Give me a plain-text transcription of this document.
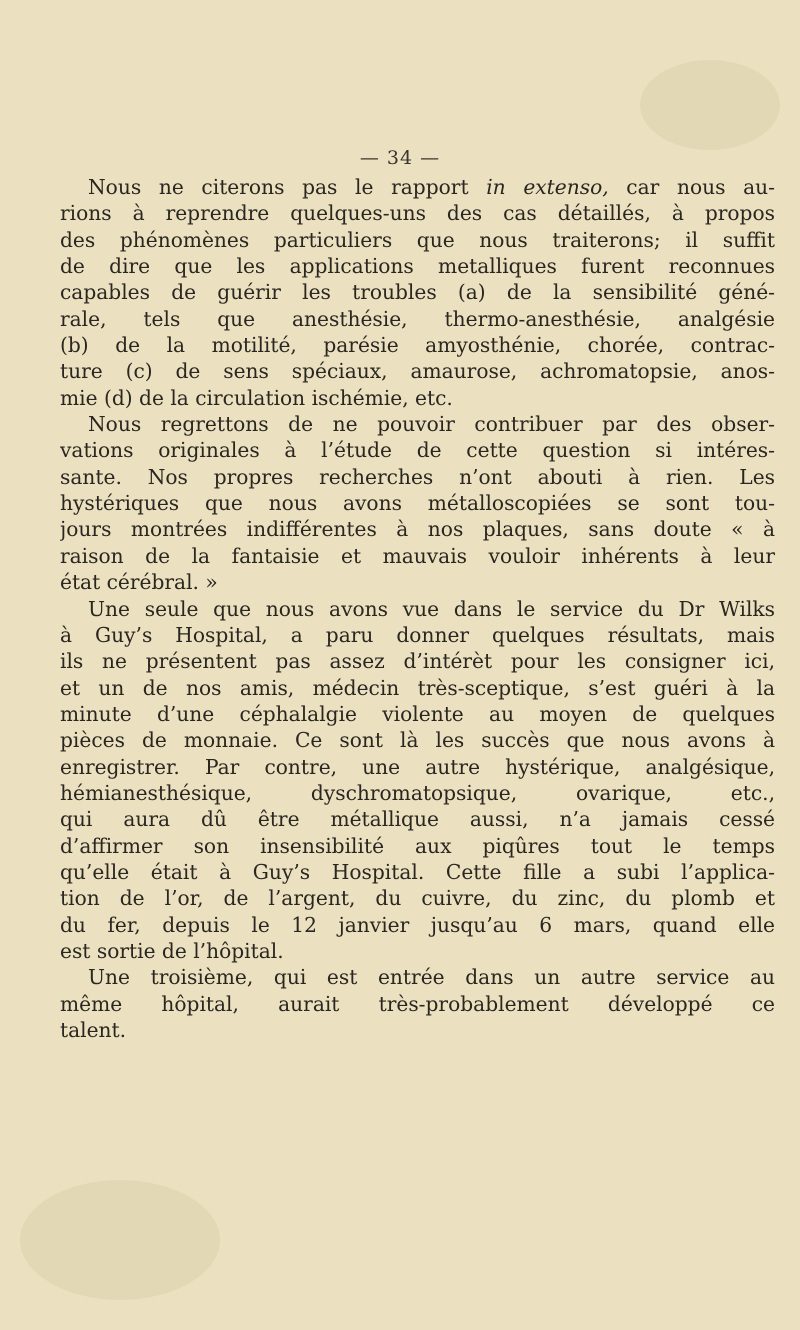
— 34 —
Nous ne citerons pas le rapport in extenso, car nous au-
rions à reprendre quelques-uns des cas détaillés, à propos
des phénomènes particuliers que nous traiterons; il suffit
de dire que les applications metalliques furent reconnues
capables de guérir les troubles (a) de la sensibilité géné-
rale, tels que anesthésie, thermo-anesthésie, analgésie
(b) de la motilité, parésie amyosthénie, chorée, contrac-
ture (c) de sens spéciaux, amaurose, achromatopsie, anos-
mie (d) de la circulation ischémie, etc.
Nous regrettons de ne pouvoir contribuer par des obser-
vations originales à l’étude de cette question si intéres-
sante. Nos propres recherches n’ont abouti à rien. Les
hystériques que nous avons métalloscopiées se sont tou-
jours montrées indifférentes à nos plaques, sans doute « à
raison de la fantaisie et mauvais vouloir inhérents à leur
état cérébral. »
Une seule que nous avons vue dans le service du Dr Wilks
à Guy’s Hospital, a paru donner quelques résultats, mais
ils ne présentent pas assez d’intérèt pour les consigner ici,
et un de nos amis, médecin très-sceptique, s’est guéri à la
minute d’une céphalalgie violente au moyen de quelques
pièces de monnaie. Ce sont là les succès que nous avons à
enregistrer. Par contre, une autre hystérique, analgésique,
hémianesthésique, dyschromatopsique, ovarique, etc.,
qui aura dû être métallique aussi, n’a jamais cessé
d’affirmer son insensibilité aux piqûres tout le temps
qu’elle était à Guy’s Hospital. Cette fille a subi l’applica-
tion de l’or, de l’argent, du cuivre, du zinc, du plomb et
du fer, depuis le 12 janvier jusqu’au 6 mars, quand elle
est sortie de l’hôpital.
Une troisième, qui est entrée dans un autre service au
même hôpital, aurait très-probablement développé ce
talent.
